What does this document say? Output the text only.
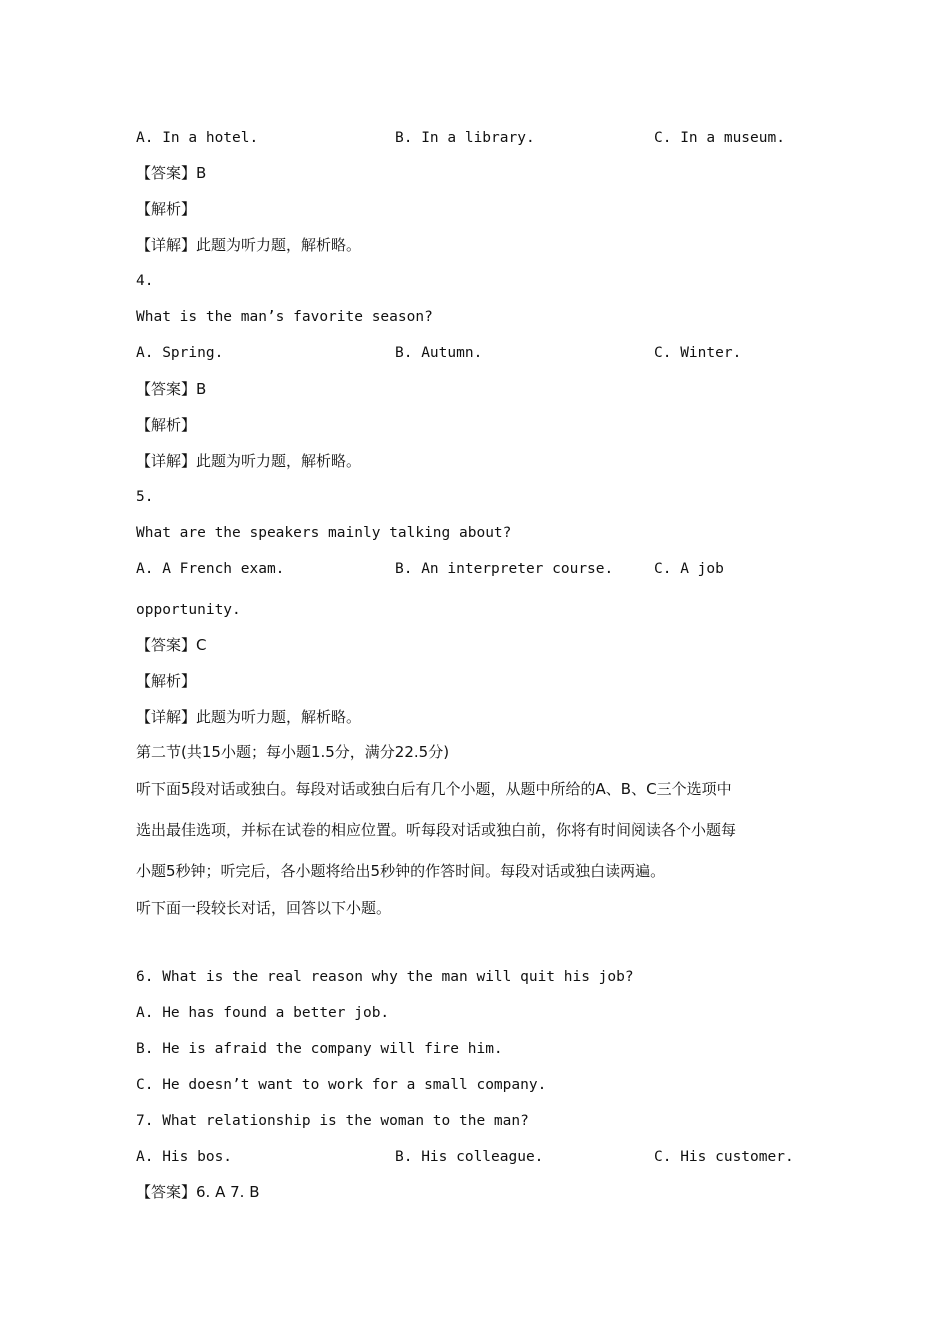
A. In a hotel.	B. In a library.	C. In a museum.
【答案】B
【解析】
【详解】此题为听力题，解析略。
4.
What is the man’s favorite season?
A. Spring.	B. Autumn.	C. Winter.
【答案】B
【解析】
【详解】此题为听力题，解析略。
5.
What are the speakers mainly talking about?
A. A French exam.	B. An interpreter course.	C. A job
opportunity.
【答案】C
【解析】
【详解】此题为听力题，解析略。
第二节(共15小题；每小题1.5分，满分22.5分)
听下面5段对话或独白。每段对话或独白后有几个小题，从题中所给的A、B、C三个选项中
选出最佳选项，并标在试卷的相应位置。听每段对话或独白前，你将有时间阅读各个小题每
小题5秒钟；听完后，各小题将给出5秒钟的作答时间。每段对话或独白读两遍。
听下面一段较长对话，回答以下小题。
6. What is the real reason why the man will quit his job?
A. He has found a better job.
B. He is afraid the company will fire him.
C. He doesn’t want to work for a small company.
7. What relationship is the woman to the man?
A. His bos.	B. His colleague.	C. His customer.
【答案】6. A 7. B
